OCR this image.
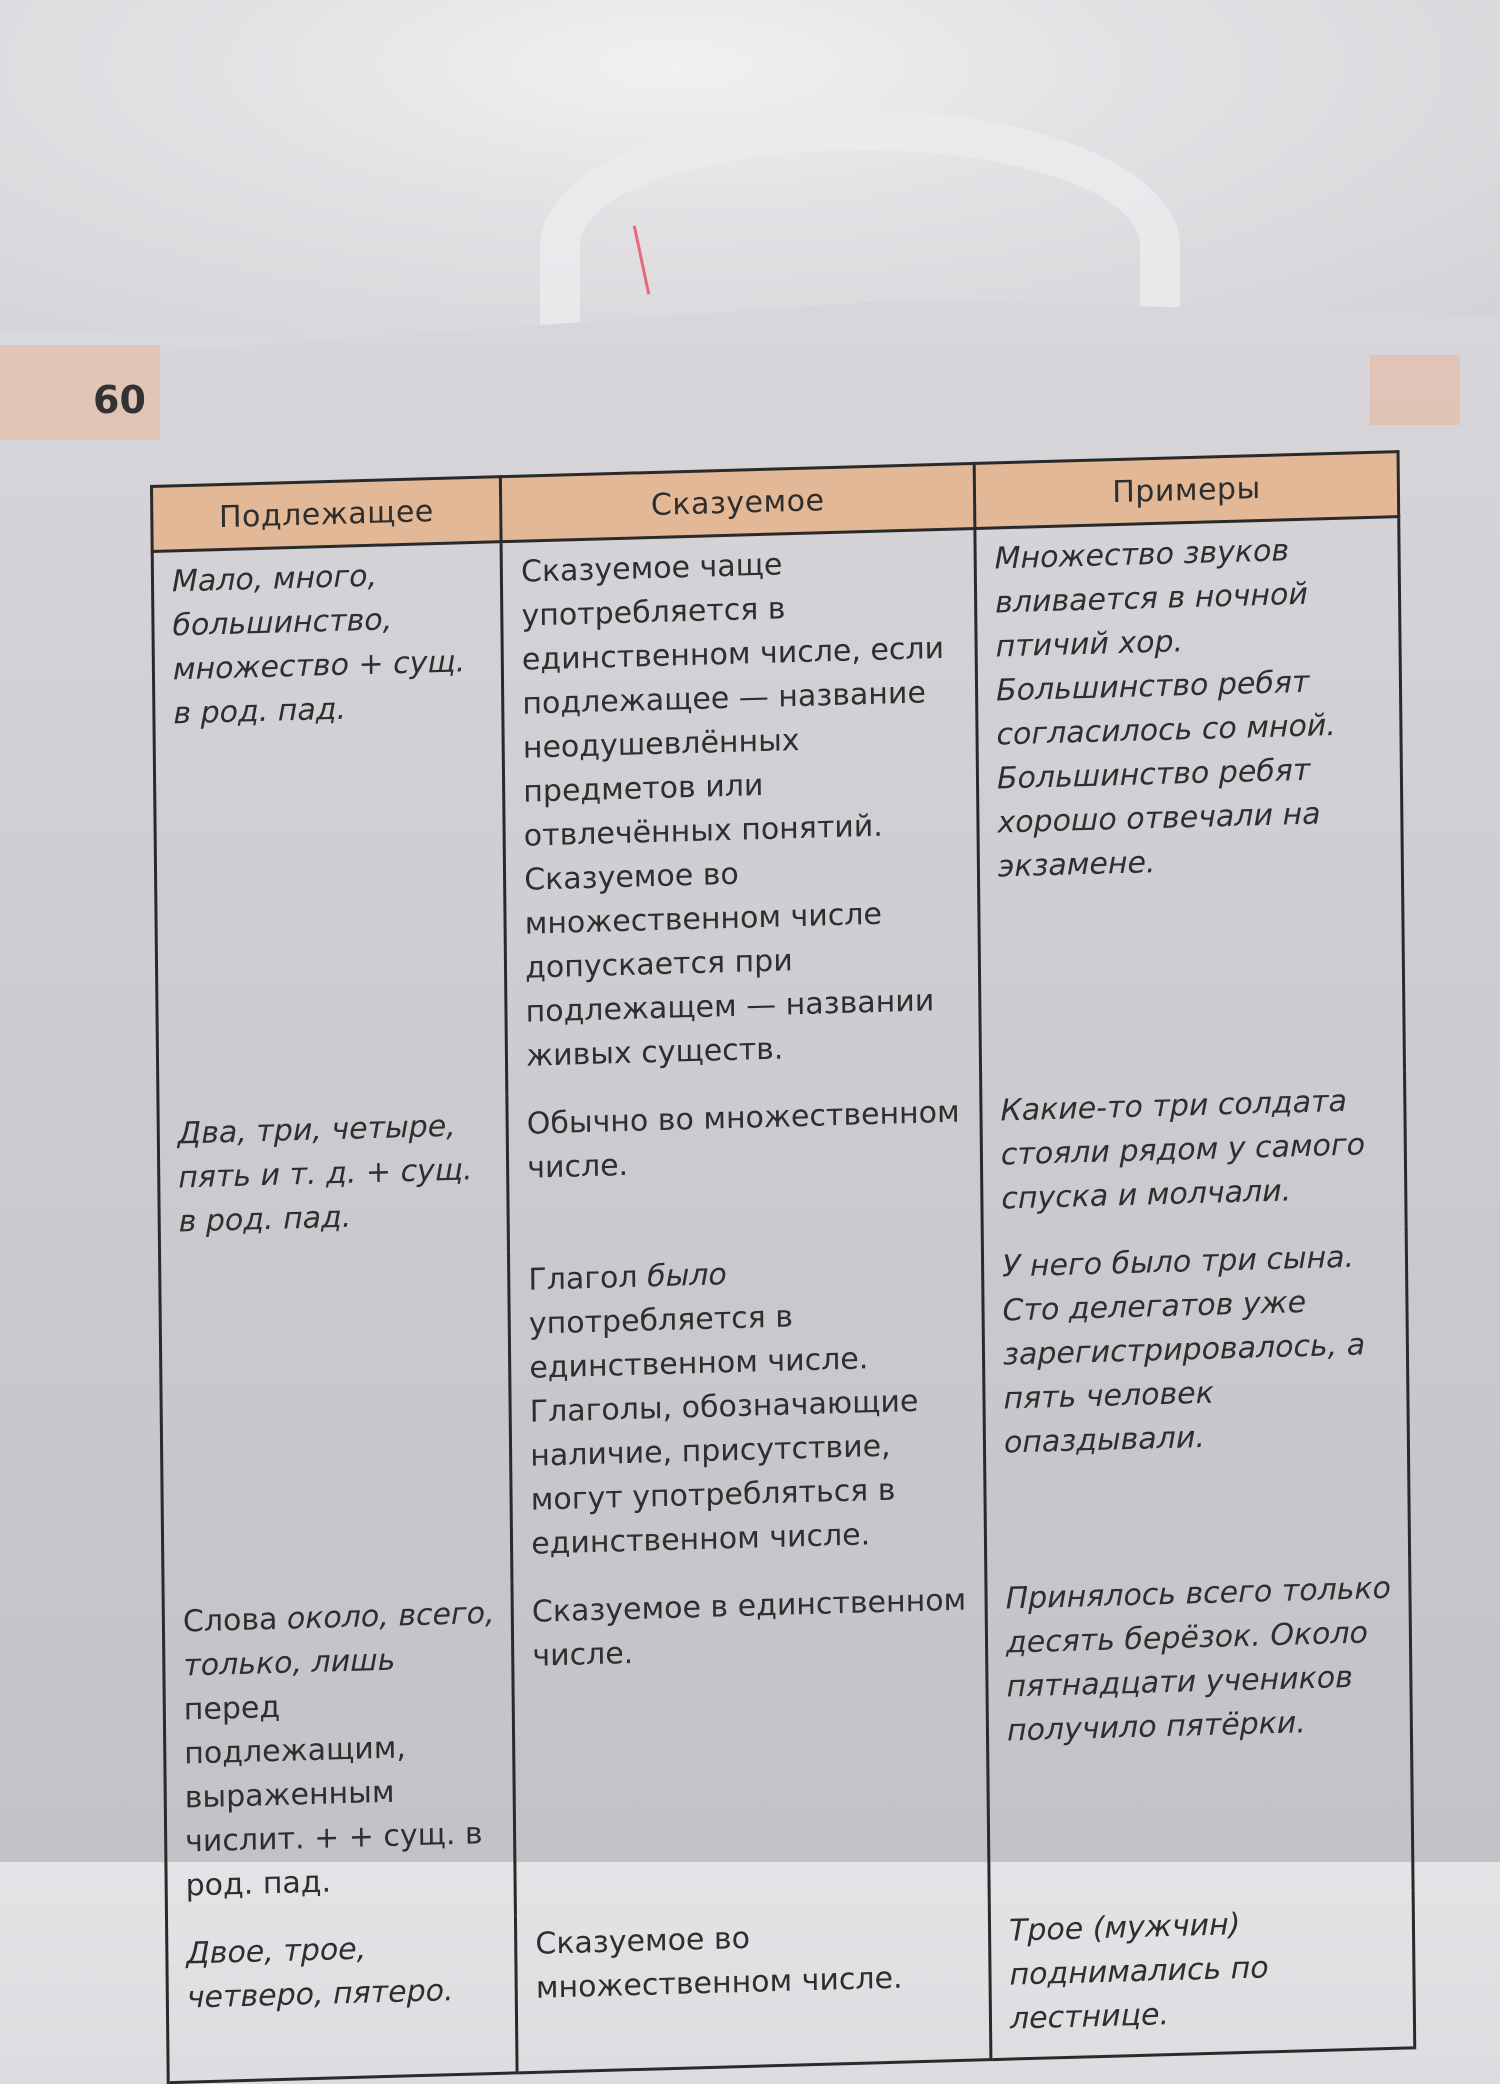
60
Подлежащее	Сказуемое	Примеры
Мало, много, большинство, множество + сущ. в род. пад.	Сказуемое чаще употребляется в единственном числе, если подлежащее — название неодушевлённых предметов или отвлечённых понятий. Сказуемое во множественном числе допускается при подлежащем — названии живых существ.	Множество звуков вливается в ночной птичий хор. Большинство ребят согласилось со мной. Большинство ребят хорошо отвечали на экзамене.
Два, три, четыре, пять и т. д. + сущ. в род. пад.	Обычно во множественном числе.	Какие-то три солдата стояли рядом у самого спуска и молчали.
	Глагол было употребляется в единственном числе. Глаголы, обозначающие наличие, присутствие, могут употребляться в единственном числе.	У него было три сына. Сто делегатов уже зарегистрировалось, а пять человек опаздывали.
Слова около, всего, только, лишь перед подлежащим, выраженным числит. + + сущ. в род. пад.	Сказуемое в единственном числе.	Принялось всего только десять берёзок. Около пятнадцати учеников получило пятёрки.
Двое, трое, четверо, пятеро.	Сказуемое во множественном числе.	Трое (мужчин) поднимались по лестнице.
